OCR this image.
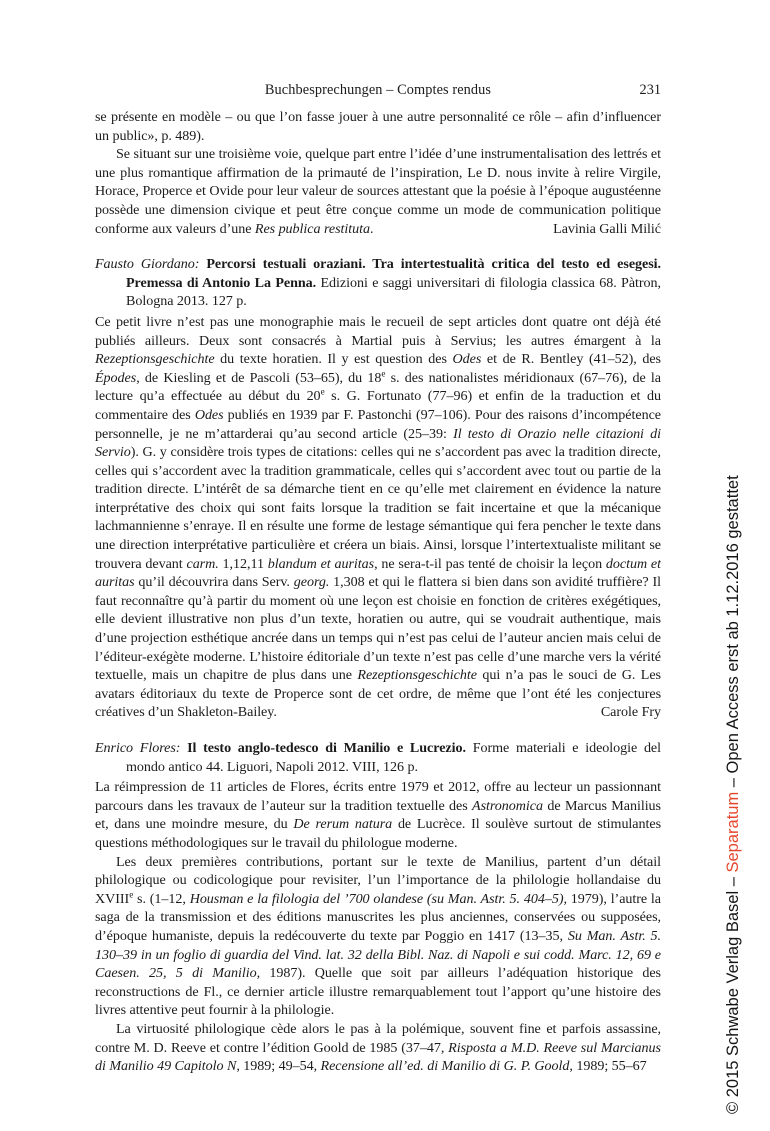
Buchbesprechungen – Comptes rendus	231
se présente en modèle – ou que l’on fasse jouer à une autre personnalité ce rôle – afin d’influencer un public», p. 489).
Se situant sur une troisième voie, quelque part entre l’idée d’une instrumentalisation des lettrés et une plus romantique affirmation de la primauté de l’inspiration, Le D. nous invite à relire Virgile, Horace, Properce et Ovide pour leur valeur de sources attestant que la poésie à l’époque augustéenne possède une dimension civique et peut être conçue comme un mode de communication politique conforme aux valeurs d’une Res publica restituta.	Lavinia Galli Milić
Fausto Giordano: Percorsi testuali oraziani. Tra intertestualità critica del testo ed esegesi. Premessa di Antonio La Penna. Edizioni e saggi universitari di filologia classica 68. Pàtron, Bologna 2013. 127 p.
Ce petit livre n’est pas une monographie mais le recueil de sept articles dont quatre ont déjà été publiés ailleurs. Deux sont consacrés à Martial puis à Servius; les autres émargent à la Rezeptionsgeschichte du texte horatien. Il y est question des Odes et de R. Bentley (41–52), des Épodes, de Kiesling et de Pascoli (53–65), du 18e s. des nationalistes méridionaux (67–76), de la lecture qu’a effectuée au début du 20e s. G. Fortunato (77–96) et enfin de la traduction et du commentaire des Odes publiés en 1939 par F. Pastonchi (97–106). Pour des raisons d’incompétence personnelle, je ne m’attarderai qu’au second article (25–39: Il testo di Orazio nelle citazioni di Servio). G. y considère trois types de citations: celles qui ne s’accordent pas avec la tradition directe, celles qui s’accordent avec la tradition grammaticale, celles qui s’accordent avec tout ou partie de la tradition directe. L’intérêt de sa démarche tient en ce qu’elle met clairement en évidence la nature interprétative des choix qui sont faits lorsque la tradition se fait incertaine et que la mécanique lachmannienne s’enraye. Il en résulte une forme de lestage sémantique qui fera pencher le texte dans une direction interprétative particulière et créera un biais. Ainsi, lorsque l’intertextualiste militant se trouvera devant carm. 1,12,11 blandum et auritas, ne sera-t-il pas tenté de choisir la leçon doctum et auritas qu’il découvrira dans Serv. georg. 1,308 et qui le flattera si bien dans son avidité truffière? Il faut reconnaître qu’à partir du moment où une leçon est choisie en fonction de critères exégétiques, elle devient illustrative non plus d’un texte, horatien ou autre, qui se voudrait authentique, mais d’une projection esthétique ancrée dans un temps qui n’est pas celui de l’auteur ancien mais celui de l’éditeur-exégète moderne. L’histoire éditoriale d’un texte n’est pas celle d’une marche vers la vérité textuelle, mais un chapitre de plus dans une Rezeptionsgeschichte qui n’a pas le souci de G. Les avatars éditoriaux du texte de Properce sont de cet ordre, de même que l’ont été les conjectures créatives d’un Shakleton-Bailey.	Carole Fry
Enrico Flores: Il testo anglo-tedesco di Manilio e Lucrezio. Forme materiali e ideologie del mondo antico 44. Liguori, Napoli 2012. VIII, 126 p.
La réimpression de 11 articles de Flores, écrits entre 1979 et 2012, offre au lecteur un passionnant parcours dans les travaux de l’auteur sur la tradition textuelle des Astronomica de Marcus Manilius et, dans une moindre mesure, du De rerum natura de Lucrèce. Il soulève surtout de stimulantes questions méthodologiques sur le travail du philologue moderne.
Les deux premières contributions, portant sur le texte de Manilius, partent d’un détail philologique ou codicologique pour revisiter, l’un l’importance de la philologie hollandaise du XVIIIe s. (1–12, Housman e la filologia del ’700 olandese (su Man. Astr. 5. 404–5), 1979), l’autre la saga de la transmission et des éditions manuscrites les plus anciennes, conservées ou supposées, d’époque humaniste, depuis la redécouverte du texte par Poggio en 1417 (13–35, Su Man. Astr. 5. 130–39 in un foglio di guardia del Vind. lat. 32 della Bibl. Naz. di Napoli e sui codd. Marc. 12, 69 e Caesen. 25, 5 di Manilio, 1987). Quelle que soit par ailleurs l’adéquation historique des reconstructions de Fl., ce dernier article illustre remarquablement tout l’apport qu’une histoire des livres attentive peut fournir à la philologie.
La virtuosité philologique cède alors le pas à la polémique, souvent fine et parfois assassine, contre M. D. Reeve et contre l’édition Goold de 1985 (37–47, Risposta a M.D. Reeve sul Marcianus di Manilio 49 Capitolo N, 1989; 49–54, Recensione all’ed. di Manilio di G. P. Goold, 1989; 55–67	© 2015 Schwabe Verlag Basel – Separatum – Open Access erst ab 1.12.2016 gestattet
